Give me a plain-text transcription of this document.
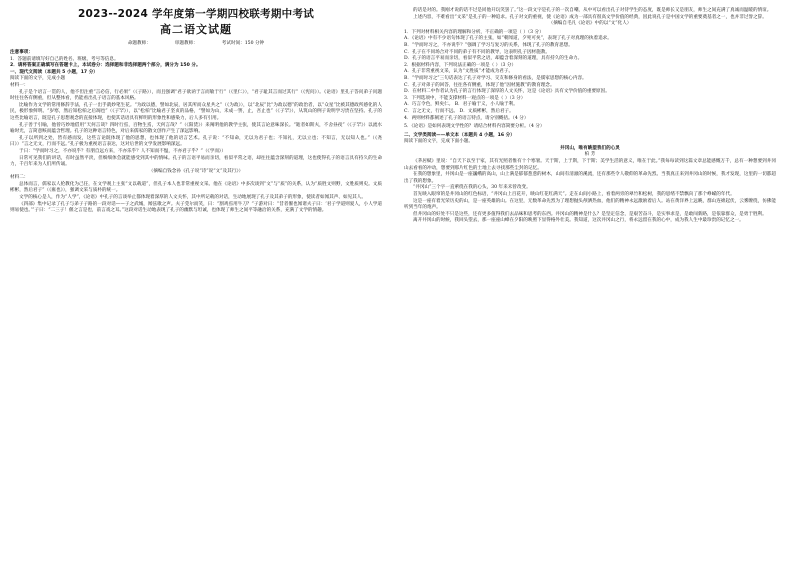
2023--2024 学年度第一学期四校联考期中考试
高二语文试题
命题教师：	审题教师：	考试时间：150 分钟

注意事项：

1．答题前请填写好自己的姓名、班级、考号等信息。

2．请将答案正确填写在答题卡上，本试卷分：选择题和非选择题两个部分，满分为 150 分。

一、现代文阅读（本题共 5 小题，17 分）

阅读下面的文字，完成小题

材料一：

孔子是个语言一贯的人，他不但注重“言必信，行必果”（《子路》），而且强调“君子欲讷于言而敏于行”（《里仁》），“君子耻其言而过其行”（《宪问》）。《论语》里孔子答问弟子问题时往往各有侧重，但从整体看，仍能看出孔子语言的基本风格。

比喻作为文学的常用修辞手法，孔子一出手就妙笔生花。“为政以德，譬如北辰，居其所而众星共之”（《为政》），以“北辰”比“为政以德”的政治者，以“众星”比被其德政所感化的人民，极形象鲜明。“岁寒，然后知松柏之后凋也”（《子罕》），以“松柏”比喻君子坚贞的品格，“譬如为山，未成一篑，止，吾止也”（《子罕》），从筑山的例子说明学习贵在坚持。孔子的这些比喻语言，既是孔子思想观念的直接体现，也使其话语具有鲜明的形象性和感染力，后人多有引用。

孔子善于引喻，他曾巧妙地借用“天何言哉？四时行焉，百物生焉，天何言哉？”（《阳货》）来阐明他的教学主张，使其言论意味深长。“逝者如斯夫，不舍昼夜”（《子罕》）以流水喻时光，言简意赅而蕴含哲理。孔子的这种语言特色，对后来儒家的散文创作产生了深远影响。

孔子以所到之处，皆有感而发，这些言论既体现了他的思想，也体现了他的语言艺术。孔子说：“不知命，无以为君子也；不知礼，无以立也；不知言，无以知人也。”（《尧曰》）“言之无文，行而不远。”孔子极为重视语言表达，这对后世的文学发展影响深远。

于日：“学而时习之，不亦说乎？有朋自远方来，不亦乐乎？人不知而不愠，不亦君子乎？”（《学而》）

日常可见我们的讲话，有时虽然平淡，但细细体会就能感受到其中的情味。孔子的言语平易而亲切，看似平常之语，却往往蕴含深刻的道理，这也使得孔子的语言具有持久的生命力，千百年来为人们所传诵。

（摘编自钱念孙《孔子说“诗”说“文”及其行》）

材料二：

总体而言，儒家以人伦教化为己任，在文学观上主张“文以载道”，但孔子本人也非常重视文采。他在《论语》中多次谈到“文”与“质”的关系，认为“质胜文则野，文胜质则史。文质彬彬，然后君子”（《雍也》），强调文采与质朴的统一。

文学的核心是人，作为“人学”，《论语》中孔子的言谈举止都体现着深厚的人文关怀，其中所记载的对话，生动地展现了孔子及其弟子的形象，使读者如闻其声、如见其人。

《四部》集中记录了孔子与弟子子路的一段对话——子之武城，闻弦歌之声。夫子莞尔而笑，曰：“割鸡焉用牛刀？”子游对曰：“昔者偃也闻诸夫子曰：‘君子学道则爱人，小人学道则易使也。’”子曰：“二三子！偃之言是也，前言戏之耳。”这段对话生动地表现了孔子的幽默与坦诚，也体现了师生之间平等融洽的关系，充满了文学的情趣。

的话是对的。我刚才说的话不过是同他开玩笑罢了。”这一段文字是孔子的一次自嘲，从中可以看出孔子对待学生的态度，既是师长又是朋友，师生之间充满了真诚而温暖的情谊。

上述内容，不难看出“文采”是孔子的一种追求。孔子对文的重视，使《论语》成为一部具有很高文学价值的经典，因此说孔子是中国文学的重要奠基者之一，也并非过誉之辞。

（摘编自毛凡《论语》中的以“文”化人）

1．下列对材料相关内容的理解和分析，不正确的一项是（ ）（3 分）

A．《论语》中有不少语句体现了孔子的主张，如“朝闻道，夕死可矣”，表现了孔子对真理的执着追求。

B．“学而时习之，不亦说乎？”强调了学习与复习的关系，体现了孔子的教育思想。

C．孔子在不同场合对不同的弟子有不同的教导，这表明孔子因材施教。

D．孔子的语言平易而亲切，看似平常之语，却蕴含着深刻的道理，具有持久的生命力。

2．根据材料内容，下列说法正确的一项是（ ）（3 分）

A．孔子非常重视文采，认为“文胜质”才能成为君子。

B．“学而时习之”三句话表达了孔子对学习、交友和修身的看法，是儒家思想的核心内容。

C．孔子对弟子的回答，往往各有侧重，体现了他“因材施教”的教育理念。

D．在材料二中作者认为孔子的言行体现了深厚的人文关怀，这是《论语》具有文学价值的重要原因。

3．下列选项中，不能支撑材料一观点的一项是（ ）（3 分）

A．巧言令色，鲜矣仁。 B．君子喻于义，小人喻于利。

C．言之无文，行而不远。 D．文质彬彬，然后君子。

4．两则材料都阐述了孔子的语言特点，请分别概括。（4 分）

5．《论语》是如何表现文学性的？请结合材料内容简要分析。（4 分）

二、文学类阅读——单文本（本题共 4 小题，16 分）

阅读下面的文字，完成下面小题。

井冈山，唯有眺望我们的心灵

柏 芳

《茅居赋》里说：“自天下以至于家，其有光照者惟有十个寒暑。天于斯，上于斯，下于斯；美学生活的意义，唯在于此。”我每每读到这篇文章总能感慨万千，总有一种想要到井冈山去看看的冲动，想要到那片红色的土地上去寻找那些尘封的记忆。

在我的想象里，井冈山是一座巍峨的高山，山上满是郁郁葱葱的树木，山间有清澈的溪流，还有那些令人敬仰的革命先烈。当我真正来到井冈山的时候，我才发现，这里的一切都超出了我的想象。

“井冈山”三个字一直萦绕在我的心头，30 年来未曾改变。

首先映入眼帘的是井冈山的红色标语，“井冈山上百花开，映山红花红满天”。走在山间小路上，看着两旁的翠竹和松树，我的思绪不禁飘向了那个峥嵘的年代。

这是一座有着光荣历史的山，是一座英雄的山。在这里，无数革命先烈为了理想抛头颅洒热血，他们的精神永远激励着后人。站在黄洋界上远眺，群山连绵起伏，云雾缭绕，仿佛能听到当年的炮声。

但井冈山的好处不只是这些，还有更多值得我们去品味和思考的东西。井冈山的精神是什么？是坚定信念，是艰苦奋斗，是实事求是，是敢闯新路，是依靠群众，是勇于胜利。

离开井冈山的时候，我回头望去，那一座座山峰在夕阳的映照下显得格外壮美。我知道，这次井冈山之行，将永远留在我的心中，成为我人生中最珍贵的记忆之一。
